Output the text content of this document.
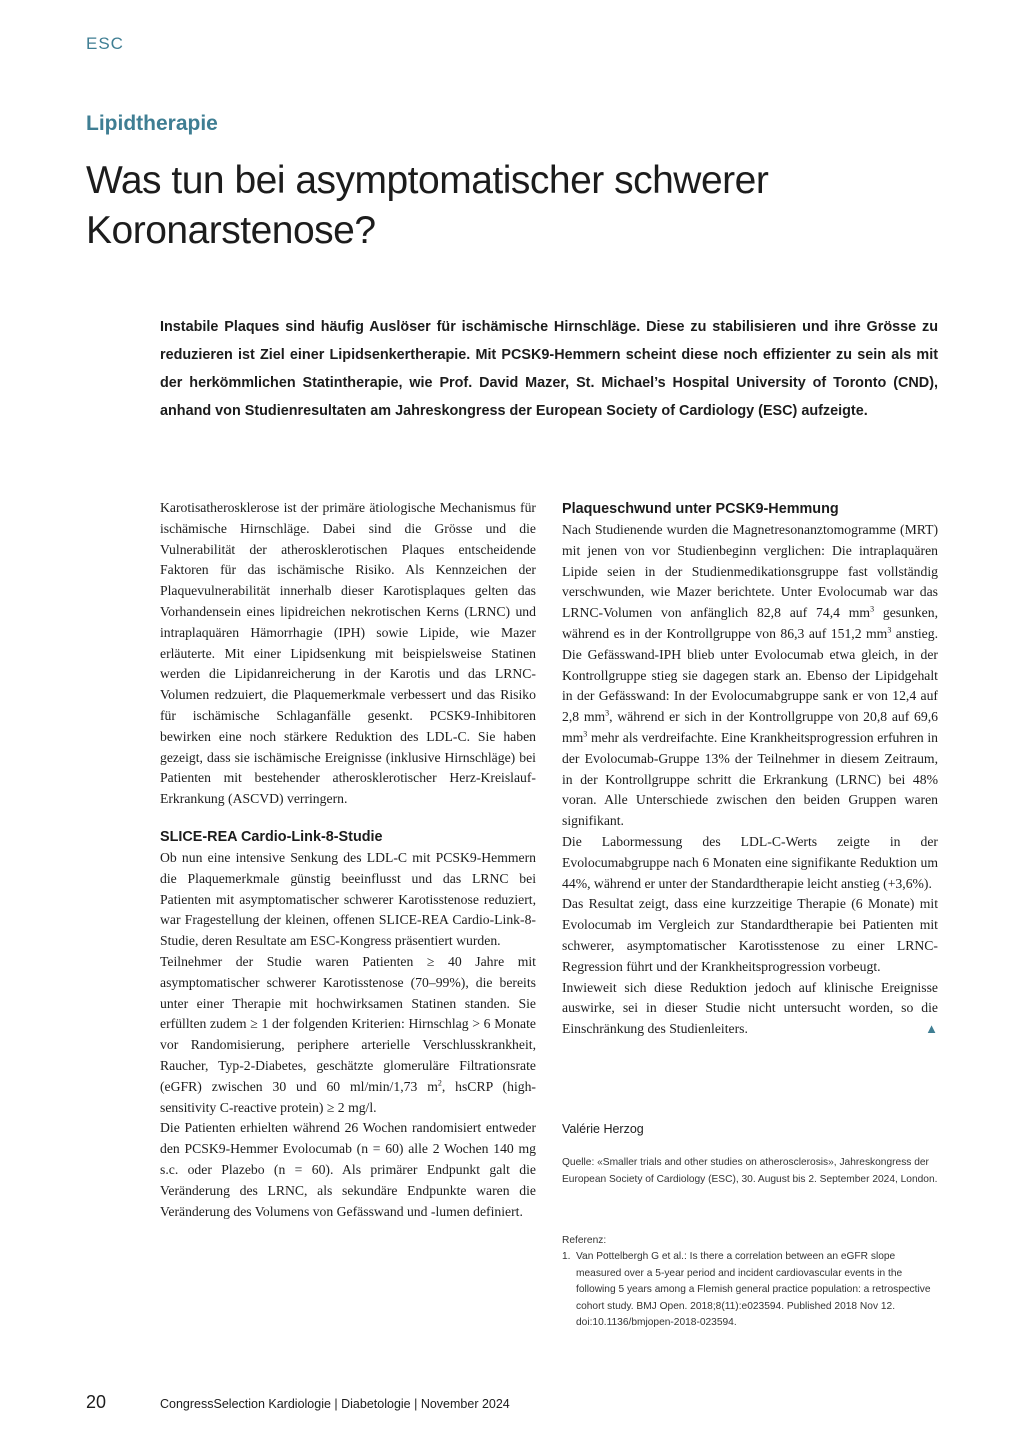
ESC
Lipidtherapie
Was tun bei asymptomatischer schwerer Koronarstenose?

Instabile Plaques sind häufig Auslöser für ischämische Hirnschläge. Diese zu stabilisieren und ihre Grösse zu reduzieren ist Ziel einer Lipidsenkertherapie. Mit PCSK9-Hemmern scheint diese noch effizienter zu sein als mit der herkömmlichen Statintherapie, wie Prof. David Mazer, St. Michael’s Hospital University of Toronto (CND), anhand von Studienresultaten am Jahreskongress der European Society of Cardiology (ESC) aufzeigte.

Karotisatherosklerose ist der primäre ätiologische Mechanismus für ischämische Hirnschläge. Dabei sind die Grösse und die Vulnerabilität der atherosklerotischen Plaques entscheidende Faktoren für das ischämische Risiko. Als Kennzeichen der Plaquevulnerabilität innerhalb dieser Karotisplaques gelten das Vorhandensein eines lipidreichen nekrotischen Kerns (LRNC) und intraplaquären Hämorrhagie (IPH) sowie Lipide, wie Mazer erläuterte. Mit einer Lipidsenkung mit beispielsweise Statinen werden die Lipidanreicherung in der Karotis und das LRNC-Volumen redzuiert, die Plaquemerkmale verbessert und das Risiko für ischämische Schlaganfälle gesenkt. PCSK9-Inhibitoren bewirken eine noch stärkere Reduktion des LDL-C. Sie haben gezeigt, dass sie ischämische Ereignisse (inklusive Hirnschläge) bei Patienten mit bestehender atherosklerotischer Herz-Kreislauf-Erkrankung (ASCVD) verringern.

SLICE-REA Cardio-Link-8-Studie

Ob nun eine intensive Senkung des LDL-C mit PCSK9-Hemmern die Plaquemerkmale günstig beeinflusst und das LRNC bei Patienten mit asymptomatischer schwerer Karotisstenose reduziert, war Fragestellung der kleinen, offenen SLICE-REA Cardio-Link-8-Studie, deren Resultate am ESC-Kongress präsentiert wurden.

Teilnehmer der Studie waren Patienten ≥ 40 Jahre mit asymptomatischer schwerer Karotisstenose (70–99%), die bereits unter einer Therapie mit hochwirksamen Statinen standen. Sie erfüllten zudem ≥ 1 der folgenden Kriterien: Hirnschlag > 6 Monate vor Randomisierung, periphere arterielle Verschlusskrankheit, Raucher, Typ-2-Diabetes, geschätzte glomeruläre Filtrationsrate (eGFR) zwischen 30 und 60 ml/min/1,73 $m^2$, hsCRP (high-sensitivity C-reactive protein) ≥ 2 mg/l.

Die Patienten erhielten während 26 Wochen randomisiert entweder den PCSK9-Hemmer Evolocumab (n = 60) alle 2 Wochen 140 mg s.c. oder Plazebo (n = 60). Als primärer Endpunkt galt die Veränderung des LRNC, als sekundäre Endpunkte waren die Veränderung des Volumens von Gefässwand und -lumen definiert.

Plaqueschwund unter PCSK9-Hemmung

Nach Studienende wurden die Magnetresonanztomogramme (MRT) mit jenen von vor Studienbeginn verglichen: Die intraplaquären Lipide seien in der Studienmedikationsgruppe fast vollständig verschwunden, wie Mazer berichtete. Unter Evolocumab war das LRNC-Volumen von anfänglich 82,8 auf 74,4 $mm^3$ gesunken, während es in der Kontrollgruppe von 86,3 auf 151,2 $mm^3$ anstieg. Die Gefässwand-IPH blieb unter Evolocumab etwa gleich, in der Kontrollgruppe stieg sie dagegen stark an. Ebenso der Lipidgehalt in der Gefässwand: In der Evolocumabgruppe sank er von 12,4 auf 2,8 $mm^3$, während er sich in der Kontrollgruppe von 20,8 auf 69,6 $mm^3$ mehr als verdreifachte. Eine Krankheitsprogression erfuhren in der Evolocumab-Gruppe 13% der Teilnehmer in diesem Zeitraum, in der Kontrollgruppe schritt die Erkrankung (LRNC) bei 48% voran. Alle Unterschiede zwischen den beiden Gruppen waren signifikant.

Die Labormessung des LDL-C-Werts zeigte in der Evolocumabgruppe nach 6 Monaten eine signifikante Reduktion um 44%, während er unter der Standardtherapie leicht anstieg (+3,6%).

Das Resultat zeigt, dass eine kurzzeitige Therapie (6 Monate) mit Evolocumab im Vergleich zur Standardtherapie bei Patienten mit schwerer, asymptomatischer Karotisstenose zu einer LRNC-Regression führt und der Krankheitsprogression vorbeugt.

Inwieweit sich diese Reduktion jedoch auf klinische Ereignisse auswirke, sei in dieser Studie nicht untersucht worden, so die Einschränkung des Studienleiters.	▲

Valérie Herzog
Quelle: «Smaller trials and other studies on atherosclerosis», Jahreskongress der European Society of Cardiology (ESC), 30. August bis 2. September 2024, London.
Referenz:
1. Van Pottelbergh G et al.: Is there a correlation between an eGFR slope measured over a 5-year period and incident cardiovascular events in the following 5 years among a Flemish general practice population: a retrospective cohort study. BMJ Open. 2018;8(11):e023594. Published 2018 Nov 12. doi:10.1136/bmjopen-2018-023594.
20	CongressSelection Kardiologie | Diabetologie | November 2024
